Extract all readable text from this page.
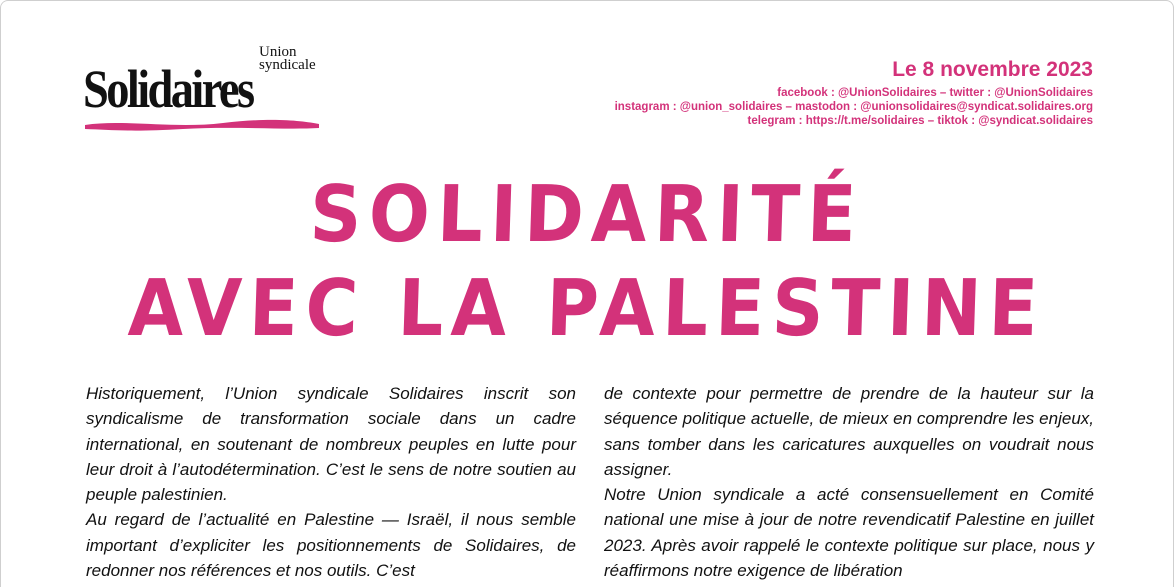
Union
syndicale
Solidaires	Le 8 novembre 2023
facebook : @UnionSolidaires – twitter : @UnionSolidaires
instagram : @union_solidaires – mastodon : @unionsolidaires@syndicat.solidaires.org
telegram : https://t.me/solidaires – tiktok : @syndicat.solidaires
SOLIDARITÉ
AVEC LA PALESTINE

Historiquement, l’Union syndicale Solidaires inscrit son syndicalisme de transformation sociale dans un cadre international, en soutenant de nombreux peuples en lutte pour leur droit à l’autodétermination. C’est le sens de notre soutien au peuple palestinien.

Au regard de l’actualité en Palestine — Israël, il nous semble important d’expliciter les positionnements de Solidaires, de redonner nos références et nos outils. C’est

de contexte pour permettre de prendre de la hauteur sur la séquence politique actuelle, de mieux en comprendre les enjeux, sans tomber dans les caricatures auxquelles on voudrait nous assigner.

Notre Union syndicale a acté consensuellement en Comité national une mise à jour de notre revendicatif Palestine en juillet 2023. Après avoir rappelé le contexte politique sur place, nous y réaffirmons notre exigence de libération
